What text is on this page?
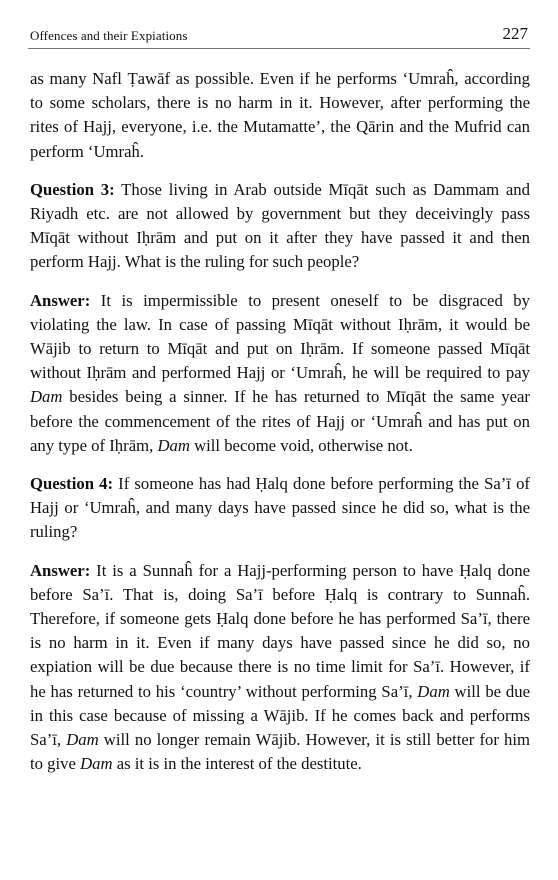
Offences and their Expiations	227

as many Nafl Ṭawāf as possible. Even if he performs ‘Umraĥ, according to some scholars, there is no harm in it. However, after performing the rites of Hajj, everyone, i.e. the Mutamatte’, the Qārin and the Mufrid can perform ‘Umraĥ.

Question 3: Those living in Arab outside Mīqāt such as Dammam and Riyadh etc. are not allowed by government but they deceivingly pass Mīqāt without Iḥrām and put on it after they have passed it and then perform Hajj. What is the ruling for such people?

Answer: It is impermissible to present oneself to be disgraced by violating the law. In case of passing Mīqāt without Iḥrām, it would be Wājib to return to Mīqāt and put on Iḥrām. If someone passed Mīqāt without Iḥrām and performed Hajj or ‘Umraĥ, he will be required to pay Dam besides being a sinner. If he has returned to Mīqāt the same year before the commencement of the rites of Hajj or ‘Umraĥ and has put on any type of Iḥrām, Dam will become void, otherwise not.

Question 4: If someone has had Ḥalq done before performing the Sa’ī of Hajj or ‘Umraĥ, and many days have passed since he did so, what is the ruling?

Answer: It is a Sunnaĥ for a Hajj-performing person to have Ḥalq done before Sa’ī. That is, doing Sa’ī before Ḥalq is contrary to Sunnaĥ. Therefore, if someone gets Ḥalq done before he has performed Sa’ī, there is no harm in it. Even if many days have passed since he did so, no expiation will be due because there is no time limit for Sa’ī. However, if he has returned to his ‘country’ without performing Sa’ī, Dam will be due in this case because of missing a Wājib. If he comes back and performs Sa’ī, Dam will no longer remain Wājib. However, it is still better for him to give Dam as it is in the interest of the destitute.
